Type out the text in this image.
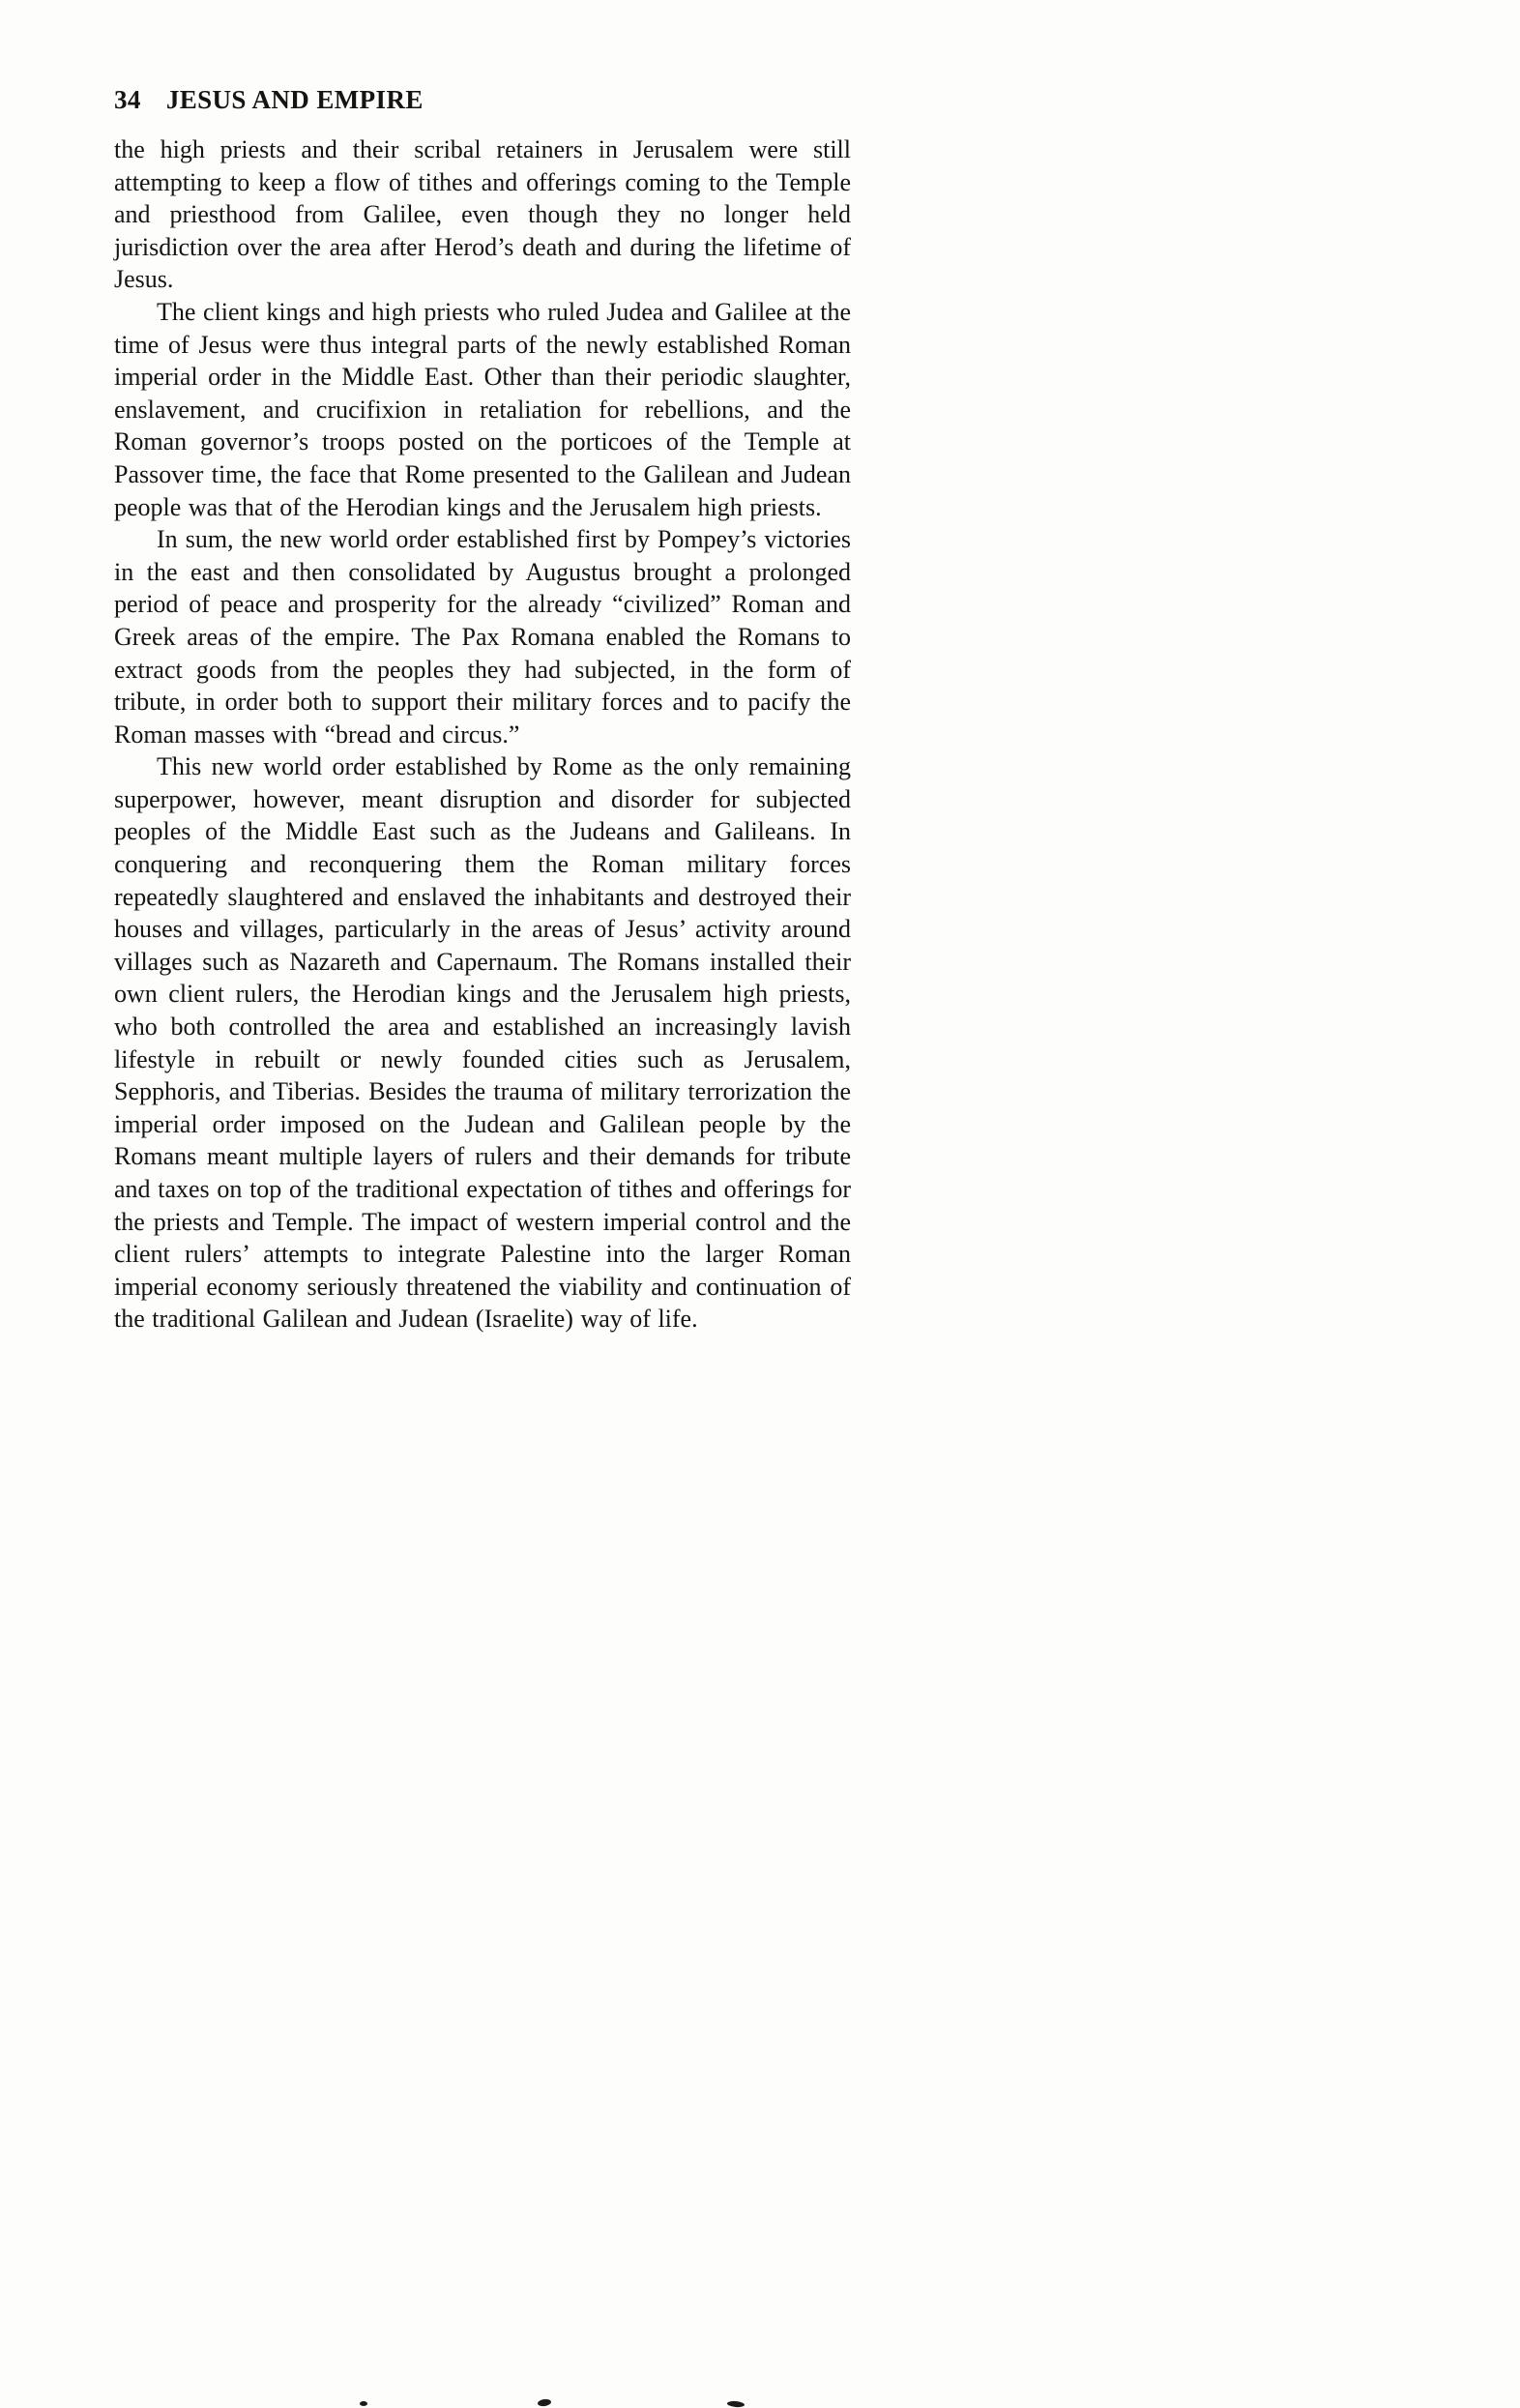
34 JESUS AND EMPIRE

the high priests and their scribal retainers in Jerusalem were still attempting to keep a flow of tithes and offerings coming to the Temple and priesthood from Galilee, even though they no longer held jurisdiction over the area after Herod’s death and during the lifetime of Jesus.

The client kings and high priests who ruled Judea and Galilee at the time of Jesus were thus integral parts of the newly established Roman imperial order in the Middle East. Other than their periodic slaughter, enslavement, and crucifixion in retaliation for rebellions, and the Roman governor’s troops posted on the porticoes of the Temple at Passover time, the face that Rome presented to the Galilean and Judean people was that of the Herodian kings and the Jerusalem high priests.

In sum, the new world order established first by Pompey’s victories in the east and then consolidated by Augustus brought a prolonged period of peace and prosperity for the already “civilized” Roman and Greek areas of the empire. The Pax Romana enabled the Romans to extract goods from the peoples they had subjected, in the form of tribute, in order both to support their military forces and to pacify the Roman masses with “bread and circus.”

This new world order established by Rome as the only remaining superpower, however, meant disruption and disorder for subjected peoples of the Middle East such as the Judeans and Galileans. In conquering and reconquering them the Roman military forces repeatedly slaughtered and enslaved the inhabitants and destroyed their houses and villages, particularly in the areas of Jesus’ activity around villages such as Nazareth and Capernaum. The Romans installed their own client rulers, the Herodian kings and the Jerusalem high priests, who both controlled the area and established an increasingly lavish lifestyle in rebuilt or newly founded cities such as Jerusalem, Sepphoris, and Tiberias. Besides the trauma of military terrorization the imperial order imposed on the Judean and Galilean people by the Romans meant multiple layers of rulers and their demands for tribute and taxes on top of the traditional expectation of tithes and offerings for the priests and Temple. The impact of western imperial control and the client rulers’ attempts to integrate Palestine into the larger Roman imperial economy seriously threatened the viability and continuation of the traditional Galilean and Judean (Israelite) way of life.
